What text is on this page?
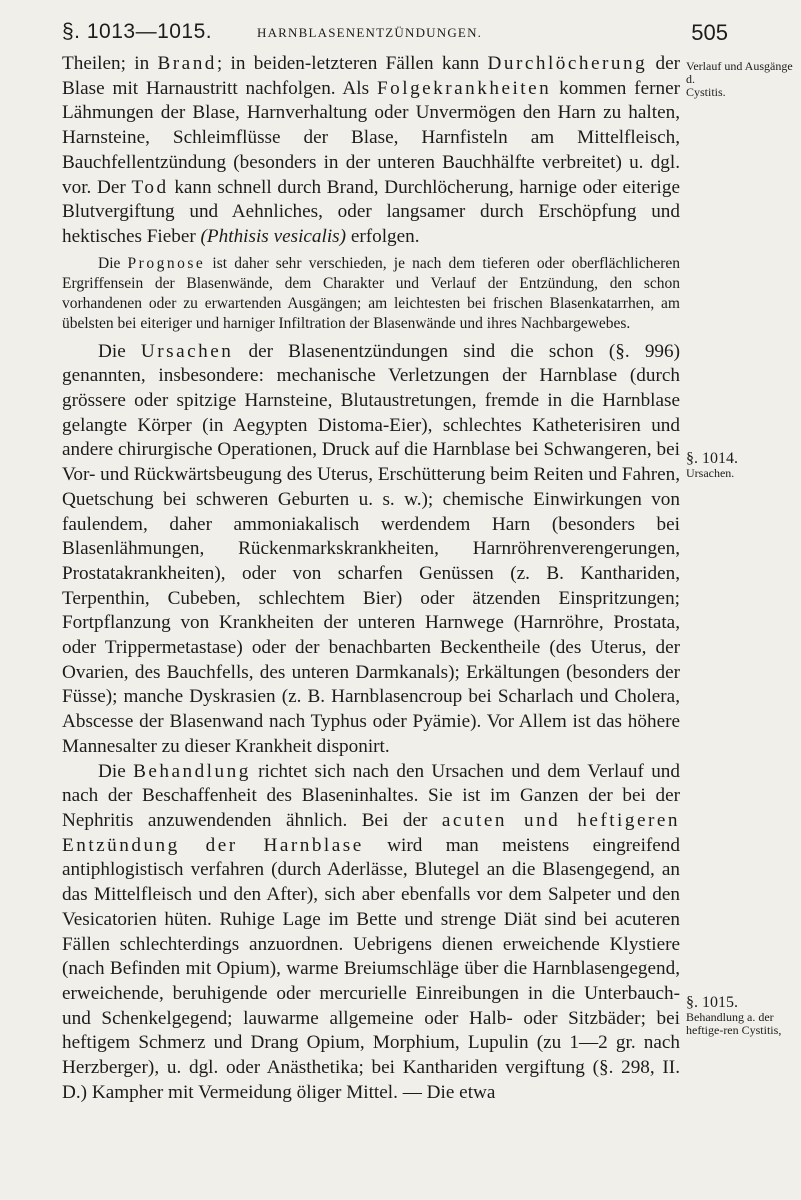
§. 1013—1015.	HARNBLASENENTZÜNDUNGEN.	505
Verlauf und Ausgänge d.
Cystitis.
§. 1014.
Ursachen.
§. 1015.
Behandlung a. der heftige-ren Cystitis,

Theilen; in Brand; in beiden-letzteren Fällen kann Durchlöcherung der Blase mit Harnaustritt nachfolgen. Als Folgekrankheiten kommen ferner Lähmungen der Blase, Harnverhaltung oder Unvermögen den Harn zu halten, Harnsteine, Schleimflüsse der Blase, Harnfisteln am Mittelfleisch, Bauchfellentzündung (besonders in der unteren Bauchhälfte verbreitet) u. dgl. vor. Der Tod kann schnell durch Brand, Durchlöcherung, harnige oder eiterige Blutvergiftung und Aehnliches, oder langsamer durch Erschöpfung und hektisches Fieber (Phthisis vesicalis) erfolgen.

Die Prognose ist daher sehr verschieden, je nach dem tieferen oder oberflächlicheren Ergriffensein der Blasenwände, dem Charakter und Verlauf der Entzündung, den schon vorhandenen oder zu erwartenden Ausgängen; am leichtesten bei frischen Blasenkatarrhen, am übelsten bei eiteriger und harniger Infiltration der Blasenwände und ihres Nachbargewebes.

Die Ursachen der Blasenentzündungen sind die schon (§. 996) genannten, insbesondere: mechanische Verletzungen der Harnblase (durch grössere oder spitzige Harnsteine, Blutaustretungen, fremde in die Harnblase gelangte Körper (in Aegypten Distoma-Eier), schlechtes Katheterisiren und andere chirurgische Operationen, Druck auf die Harnblase bei Schwangeren, bei Vor- und Rückwärtsbeugung des Uterus, Erschütterung beim Reiten und Fahren, Quetschung bei schweren Geburten u. s. w.); chemische Einwirkungen von faulendem, daher ammoniakalisch werdendem Harn (besonders bei Blasenlähmungen, Rückenmarkskrankheiten, Harnröhrenverengerungen, Prostatakrankheiten), oder von scharfen Genüssen (z. B. Kanthariden, Terpenthin, Cubeben, schlechtem Bier) oder ätzenden Einspritzungen; Fortpflanzung von Krankheiten der unteren Harnwege (Harnröhre, Prostata, oder Trippermetastase) oder der benachbarten Beckentheile (des Uterus, der Ovarien, des Bauchfells, des unteren Darmkanals); Erkältungen (besonders der Füsse); manche Dyskrasien (z. B. Harnblasencroup bei Scharlach und Cholera, Abscesse der Blasenwand nach Typhus oder Pyämie). Vor Allem ist das höhere Mannesalter zu dieser Krankheit disponirt.

Die Behandlung richtet sich nach den Ursachen und dem Verlauf und nach der Beschaffenheit des Blaseninhaltes. Sie ist im Ganzen der bei der Nephritis anzuwendenden ähnlich. Bei der acuten und heftigeren Entzündung der Harnblase wird man meistens eingreifend antiphlogistisch verfahren (durch Aderlässe, Blutegel an die Blasengegend, an das Mittelfleisch und den After), sich aber ebenfalls vor dem Salpeter und den Vesicatorien hüten. Ruhige Lage im Bette und strenge Diät sind bei acuteren Fällen schlechterdings anzuordnen. Uebrigens dienen erweichende Klystiere (nach Befinden mit Opium), warme Breiumschläge über die Harnblasengegend, erweichende, beruhigende oder mercurielle Einreibungen in die Unterbauch- und Schenkelgegend; lauwarme allgemeine oder Halb- oder Sitzbäder; bei heftigem Schmerz und Drang Opium, Morphium, Lupulin (zu 1—2 gr. nach Herzberger), u. dgl. oder Anästhetika; bei Kanthariden vergiftung (§. 298, II. D.) Kampher mit Vermeidung öliger Mittel. — Die etwa
